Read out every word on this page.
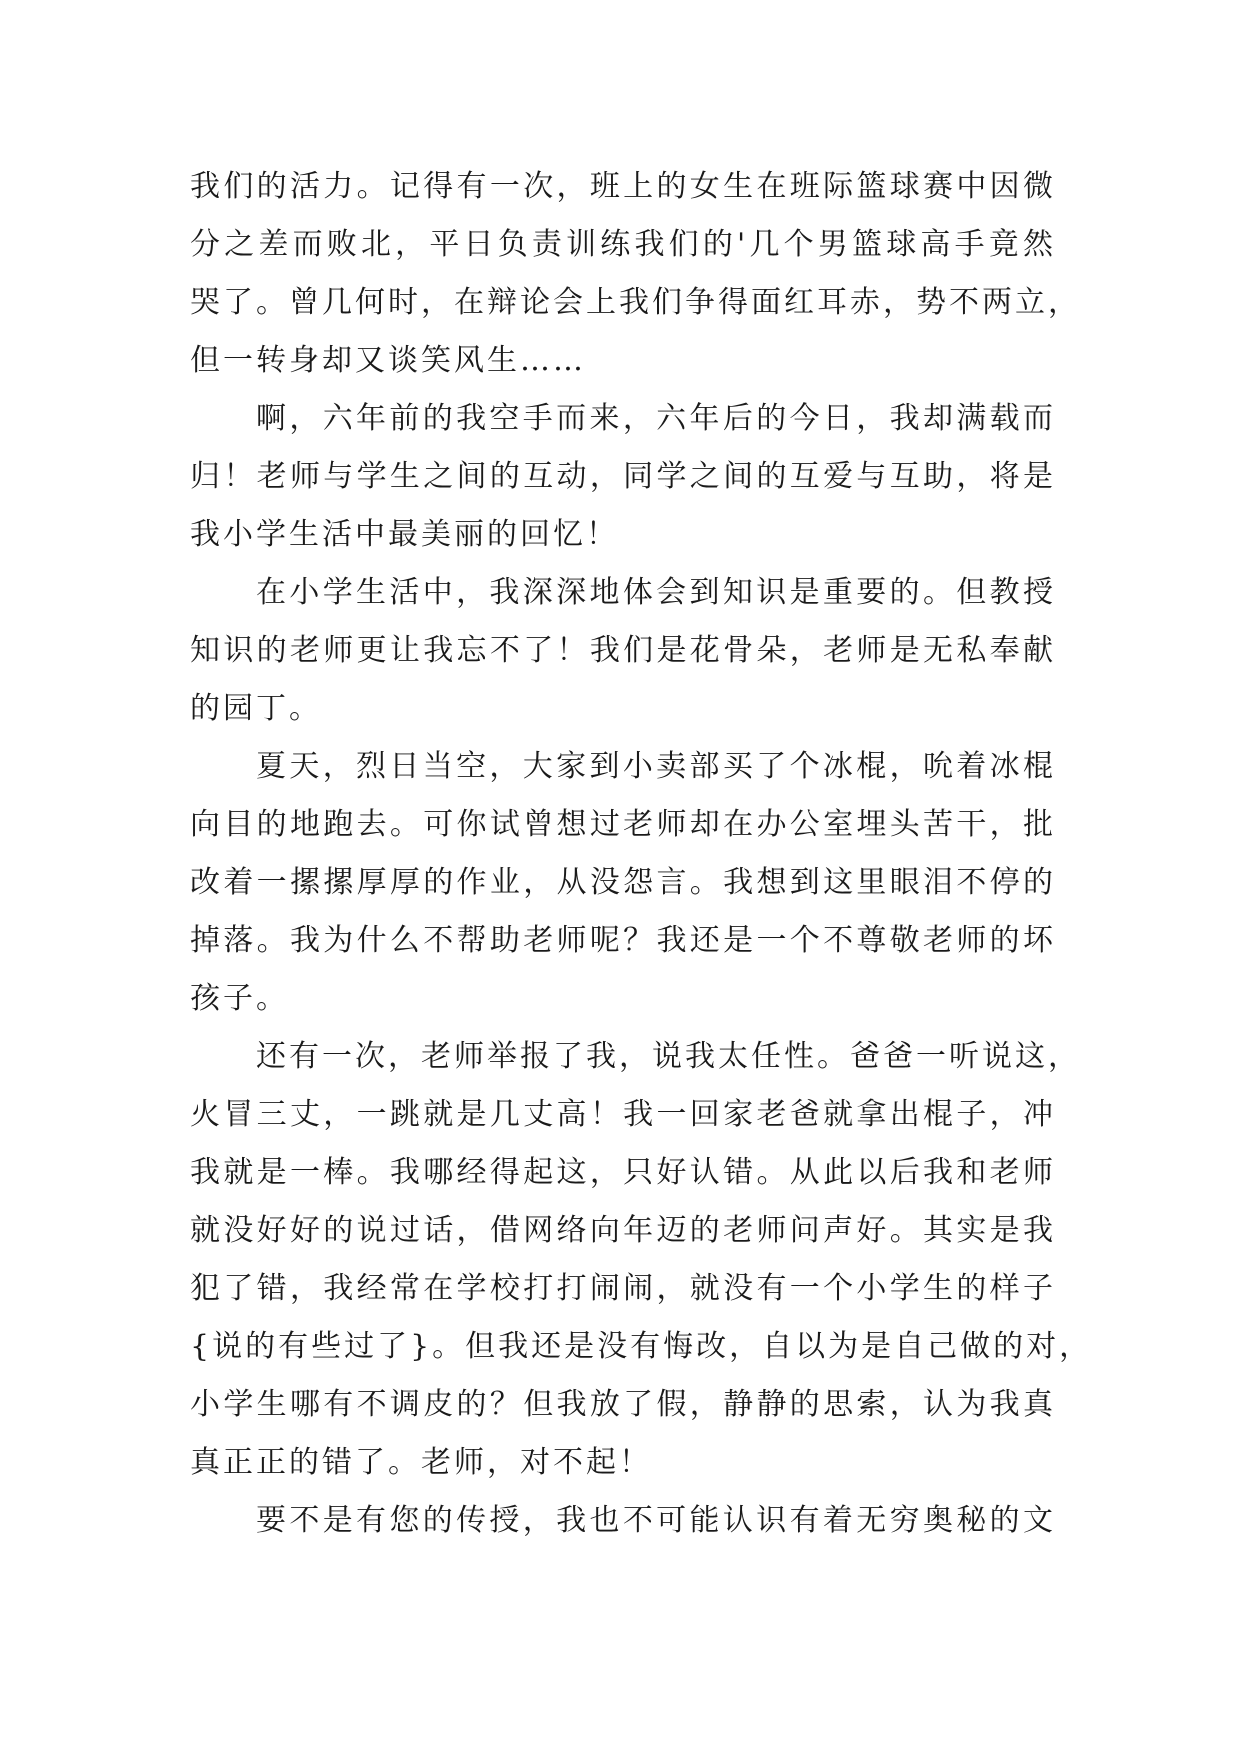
我们的活力。记得有一次，班上的女生在班际篮球赛中因微
分之差而败北，平日负责训练我们的'几个男篮球高手竟然
哭了。曾几何时，在辩论会上我们争得面红耳赤，势不两立，
但一转身却又谈笑风生……
啊，六年前的我空手而来，六年后的今日，我却满载而
归！老师与学生之间的互动，同学之间的互爱与互助，将是
我小学生活中最美丽的回忆！
在小学生活中，我深深地体会到知识是重要的。但教授
知识的老师更让我忘不了！我们是花骨朵，老师是无私奉献
的园丁。
夏天，烈日当空，大家到小卖部买了个冰棍，吮着冰棍
向目的地跑去。可你试曾想过老师却在办公室埋头苦干，批
改着一摞摞厚厚的作业，从没怨言。我想到这里眼泪不停的
掉落。我为什么不帮助老师呢？我还是一个不尊敬老师的坏
孩子。
还有一次，老师举报了我，说我太任性。爸爸一听说这，
火冒三丈，一跳就是几丈高！我一回家老爸就拿出棍子，冲
我就是一棒。我哪经得起这，只好认错。从此以后我和老师
就没好好的说过话，借网络向年迈的老师问声好。其实是我
犯了错，我经常在学校打打闹闹，就没有一个小学生的样子
{说的有些过了}。但我还是没有悔改，自以为是自己做的对，
小学生哪有不调皮的？但我放了假，静静的思索，认为我真
真正正的错了。老师，对不起！
要不是有您的传授，我也不可能认识有着无穷奥秘的文
